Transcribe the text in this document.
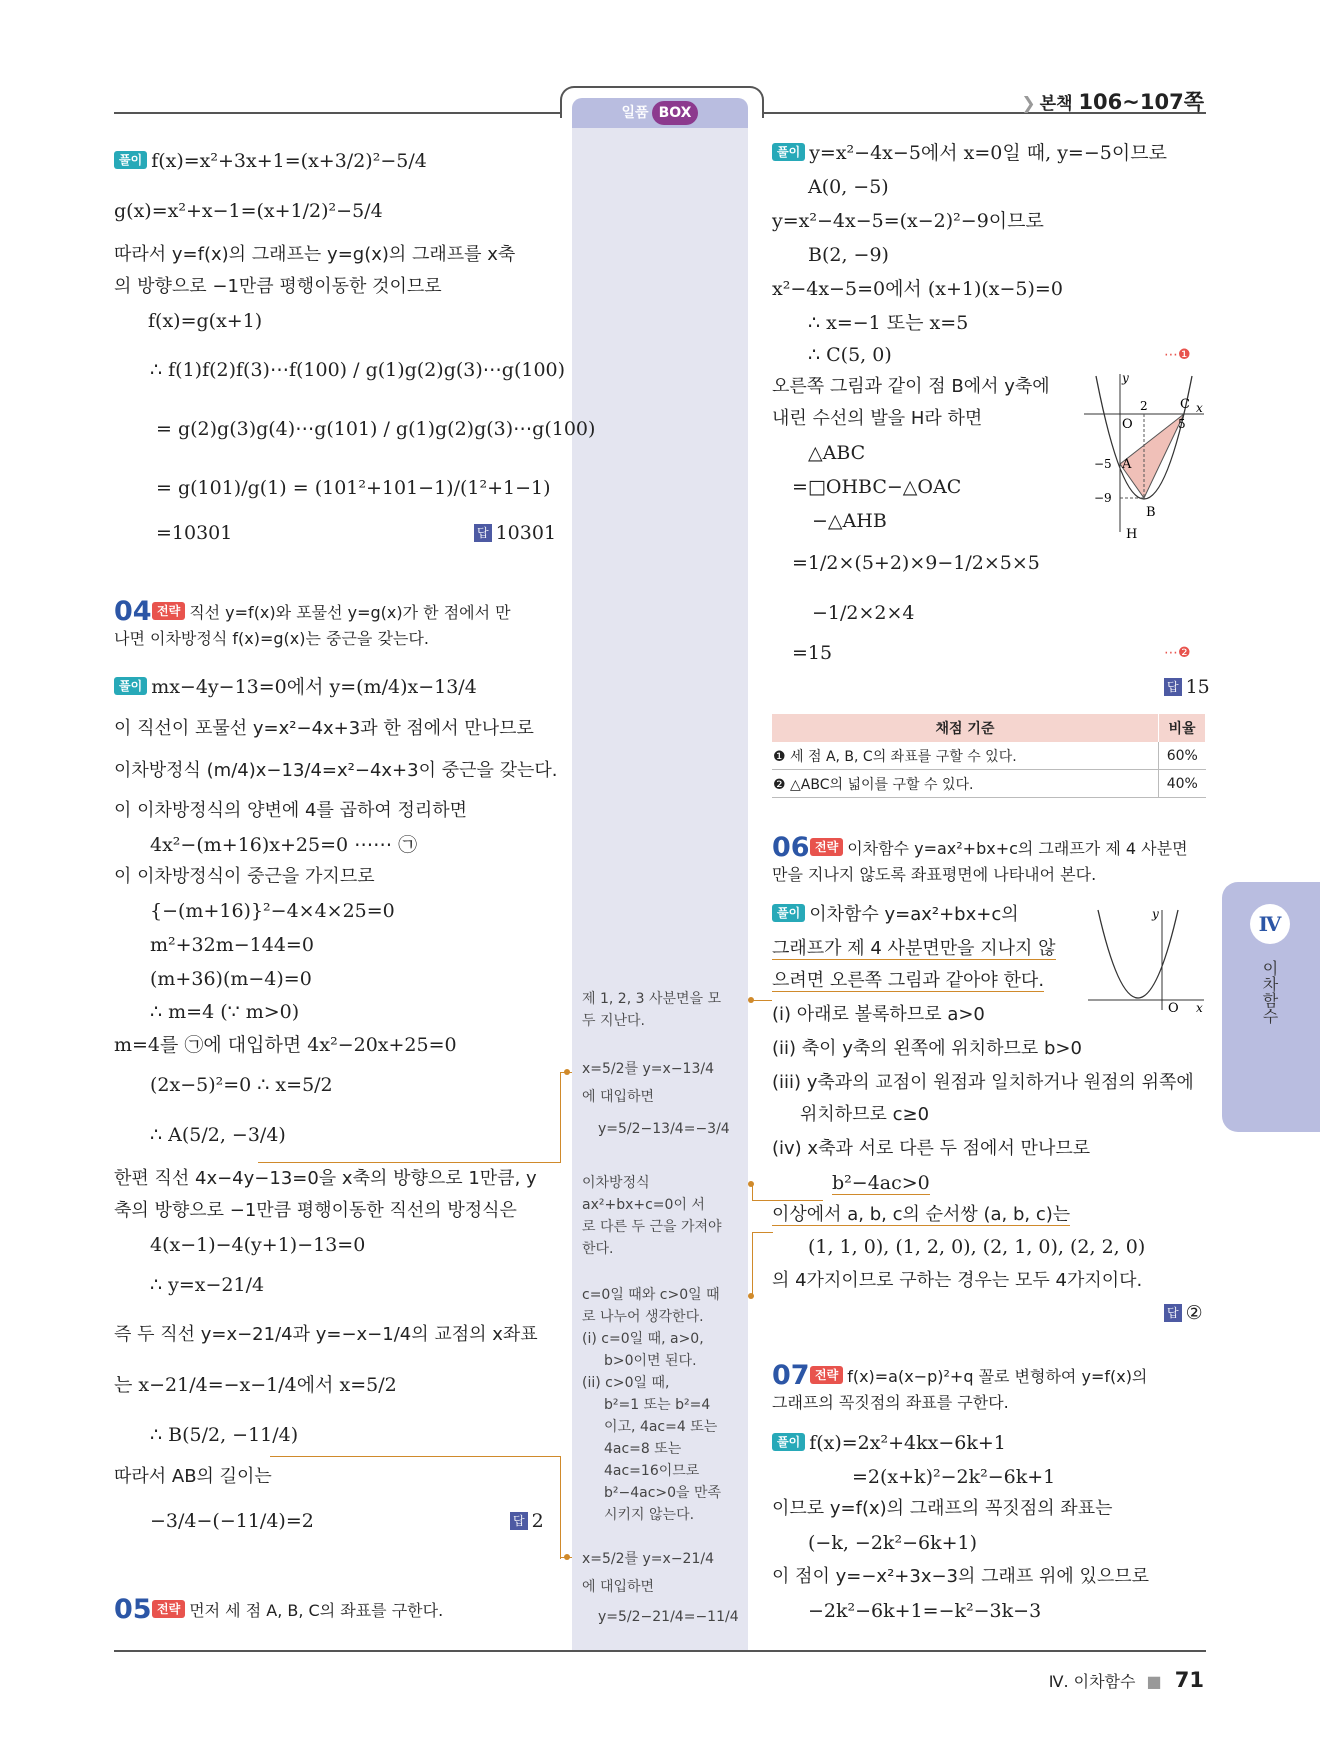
일품 BOX	❯ 본책 106~107쪽
풀이 f(x)=x²+3x+1=(x+3/2)²−5/4
g(x)=x²+x−1=(x+1/2)²−5/4
따라서 y=f(x)의 그래프는 y=g(x)의 그래프를 x축
의 방향으로 −1만큼 평행이동한 것이므로
f(x)=g(x+1)
∴ f(1)f(2)f(3)⋯f(100) / g(1)g(2)g(3)⋯g(100)
= g(2)g(3)g(4)⋯g(101) / g(1)g(2)g(3)⋯g(100)
= g(101)/g(1) = (101²+101−1)/(1²+1−1)
=10301	답 10301
04 전략 직선 y=f(x)와 포물선 y=g(x)가 한 점에서 만
나면 이차방정식 f(x)=g(x)는 중근을 갖는다.
풀이 mx−4y−13=0에서 y=(m/4)x−13/4
이 직선이 포물선 y=x²−4x+3과 한 점에서 만나므로
이차방정식 (m/4)x−13/4=x²−4x+3이 중근을 갖는다.
이 이차방정식의 양변에 4를 곱하여 정리하면
4x²−(m+16)x+25=0 ⋯⋯ ㉠
이 이차방정식이 중근을 가지므로
{−(m+16)}²−4×4×25=0
m²+32m−144=0
(m+36)(m−4)=0
∴ m=4 (∵ m>0)
m=4를 ㉠에 대입하면 4x²−20x+25=0
(2x−5)²=0 ∴ x=5/2
∴ A(5/2, −3/4)
한편 직선 4x−4y−13=0을 x축의 방향으로 1만큼, y
축의 방향으로 −1만큼 평행이동한 직선의 방정식은
4(x−1)−4(y+1)−13=0
∴ y=x−21/4
즉 두 직선 y=x−21/4과 y=−x−1/4의 교점의 x좌표
는 x−21/4=−x−1/4에서 x=5/2
∴ B(5/2, −11/4)
따라서 AB의 길이는
−3/4−(−11/4)=2	답 2
05 전략 먼저 세 점 A, B, C의 좌표를 구한다.
제 1, 2, 3 사분면을 모
두 지난다.
x=5/2를 y=x−13/4
에 대입하면
y=5/2−13/4=−3/4
이차방정식
ax²+bx+c=0이 서
로 다른 두 근을 가져야
한다.
c=0일 때와 c>0일 때
로 나누어 생각한다.
(i) c=0일 때, a>0,
b>0이면 된다.
(ii) c>0일 때,
b²=1 또는 b²=4
이고, 4ac=4 또는
4ac=8 또는
4ac=16이므로
b²−4ac>0을 만족
시키지 않는다.
x=5/2를 y=x−21/4
에 대입하면
y=5/2−21/4=−11/4
풀이 y=x²−4x−5에서 x=0일 때, y=−5이므로
A(0, −5)
y=x²−4x−5=(x−2)²−9이므로
B(2, −9)
x²−4x−5=0에서 (x+1)(x−5)=0
∴ x=−1 또는 x=5
∴ C(5, 0)	⋯❶
오른쪽 그림과 같이 점 B에서 y축에
내린 수선의 발을 H라 하면
△ABC
=□OHBC−△OAC
−△AHB
=1/2×(5+2)×9−1/2×5×5
−1/2×2×4
=15	⋯❷
답 15
y
x
O
2 C
5
−5 A
−9
B
H
채점 기준	비율
❶ 세 점 A, B, C의 좌표를 구할 수 있다.	60%
❷ △ABC의 넓이를 구할 수 있다.	40%
06 전략 이차함수 y=ax²+bx+c의 그래프가 제 4 사분면
만을 지나지 않도록 좌표평면에 나타내어 본다.
풀이 이차함수 y=ax²+bx+c의
그래프가 제 4 사분면만을 지나지 않
으려면 오른쪽 그림과 같아야 한다.
(i) 아래로 볼록하므로 a>0
(ii) 축이 y축의 왼쪽에 위치하므로 b>0
(iii) y축과의 교점이 원점과 일치하거나 원점의 위쪽에
위치하므로 c≥0
(iv) x축과 서로 다른 두 점에서 만나므로
b²−4ac>0
이상에서 a, b, c의 순서쌍 (a, b, c)는
(1, 1, 0), (1, 2, 0), (2, 1, 0), (2, 2, 0)
의 4가지이므로 구하는 경우는 모두 4가지이다.
답 ②
y
O x
07 전략 f(x)=a(x−p)²+q 꼴로 변형하여 y=f(x)의
그래프의 꼭짓점의 좌표를 구한다.
풀이 f(x)=2x²+4kx−6k+1
=2(x+k)²−2k²−6k+1
이므로 y=f(x)의 그래프의 꼭짓점의 좌표는
(−k, −2k²−6k+1)
이 점이 y=−x²+3x−3의 그래프 위에 있으므로
−2k²−6k+1=−k²−3k−3
Ⅳ
이차함수
Ⅳ. 이차함수 ■ 71
